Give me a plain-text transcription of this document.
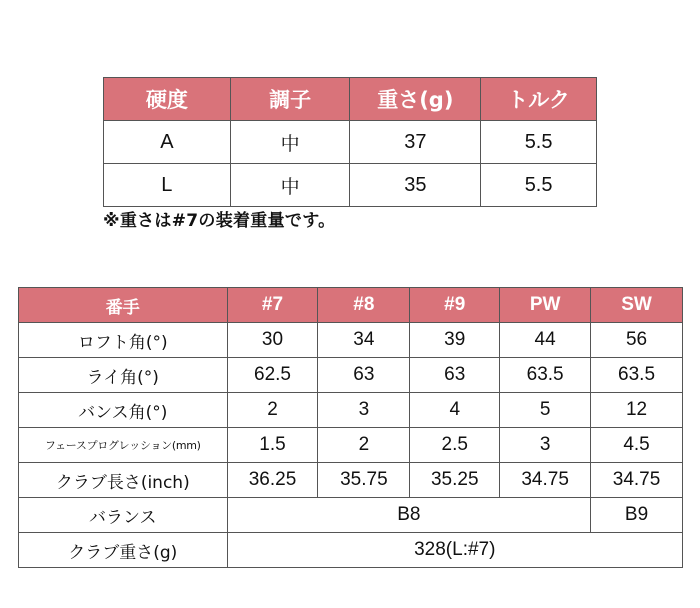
硬度	調子	重さ(g)	トルク
A	中	37	5.5
L	中	35	5.5
※重さは#7の装着重量です。
番手	#7	#8	#9	PW	SW
ロフト角(°)	30	34	39	44	56
ライ角(°)	62.5	63	63	63.5	63.5
バンス角(°)	2	3	4	5	12
フェースプログレッション(mm)	1.5	2	2.5	3	4.5
クラブ長さ(inch)	36.25	35.75	35.25	34.75	34.75
バランス	B8				B9
クラブ重さ(g)	328(L:#7)				
